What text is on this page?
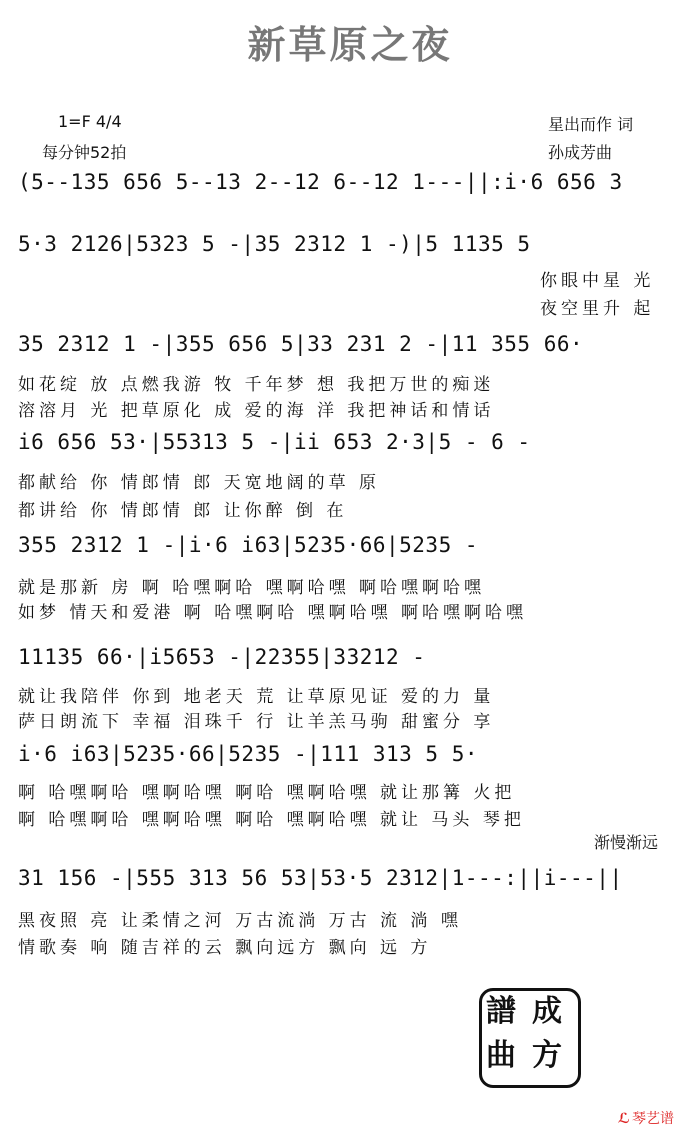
新草原之夜
1=F 4/4
每分钟52拍
星出而作 词
孙成芳曲
(5--135 656 5--13 2--12 6--12 1---||:i·6 656 3
5·3 2126|5323 5 -|35 2312 1 -)|5 1135 5
你眼中星 光
夜空里升 起
35 2312 1 -|355 656 5|33 231 2 -|11 355 66·
如花绽 放 点燃我游 牧 千年梦 想 我把万世的痴迷
溶溶月 光 把草原化 成 爱的海 洋 我把神话和情话
i6 656 53·|55313 5 -|ii 653 2·3|5 - 6 -
都献给 你 情郎情 郎 天宽地阔的草 原
都讲给 你 情郎情 郎 让你醉 倒 在
355 2312 1 -|i·6 i63|5235·66|5235 -
就是那新 房 啊 哈嘿啊哈 嘿啊哈嘿 啊哈嘿啊哈嘿
如梦 情天和爱港 啊 哈嘿啊哈 嘿啊哈嘿 啊哈嘿啊哈嘿
11135 66·|i5653 -|22355|33212 -
就让我陪伴 你到 地老天 荒 让草原见证 爱的力 量
萨日朗流下 幸福 泪珠千 行 让羊羔马驹 甜蜜分 享
i·6 i63|5235·66|5235 -|111 313 5 5·
啊 哈嘿啊哈 嘿啊哈嘿 啊哈 嘿啊哈嘿 就让那篝 火把
啊 哈嘿啊哈 嘿啊哈嘿 啊哈 嘿啊哈嘿 就让 马头 琴把
渐慢渐远
31 156 -|555 313 56 53|53·5 2312|1---:||i---||
黑夜照 亮 让柔情之河 万古流淌 万古 流 淌 嘿
情歌奏 响 随吉祥的云 飘向远方 飘向 远 方
譜 成
曲 方
ℒ 琴艺谱
